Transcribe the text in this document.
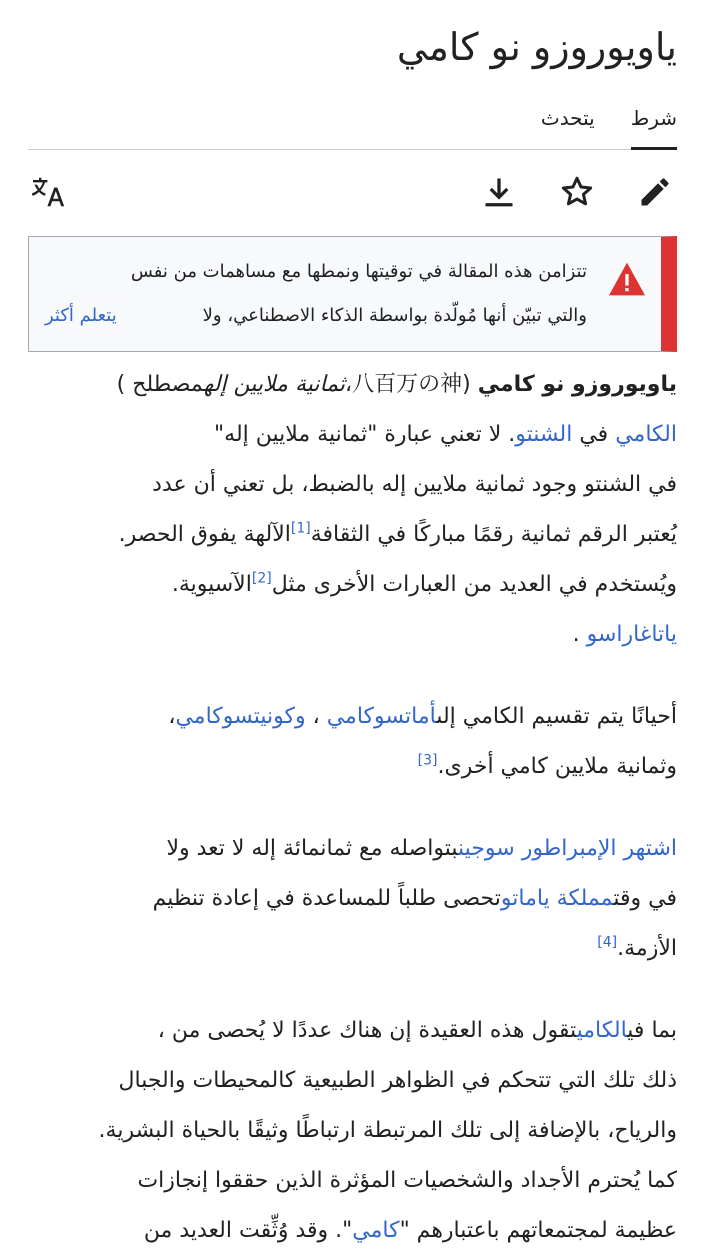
ياويوروزو نو كامي
شرط
يتحدث
تتزامن هذه المقالة في توقيتها ونمطها مع مساهمات من نفس
والتي تبيّن أنها مُولّدة بواسطة الذكاء الاصطناعي، ولا
يتعلم أكثر

ياويوروزو نو كامي (八百万の神،ثمانية ملايين إلهمصطلح )
الكامي في الشنتو. لا تعني عبارة "ثمانية ملايين إله"
في الشنتو وجود ثمانية ملايين إله بالضبط، بل تعني أن عدد
يُعتبر الرقم ثمانية رقمًا مباركًا في الثقافة[1]الآلهة يفوق الحصر.
ويُستخدم في العديد من العبارات الأخرى مثل[2]الآسيوية.
ياتاغاراسو .

أحيانًا يتم تقسيم الكامي إلىأماتسوكامي ، وكونيتسوكامي،
وثمانية ملايين كامي أخرى.[3]

اشتهر الإمبراطور سوجينبتواصله مع ثمانمائة إله لا تعد ولا
في وقتمملكة ياماتوتحصى طلباً للمساعدة في إعادة تنظيم
الأزمة.[4]

بما فيالكاميتقول هذه العقيدة إن هناك عددًا لا يُحصى من ،
ذلك تلك التي تتحكم في الظواهر الطبيعية كالمحيطات والجبال
والرياح، بالإضافة إلى تلك المرتبطة ارتباطًا وثيقًا بالحياة البشرية.
كما يُحترم الأجداد والشخصيات المؤثرة الذين حققوا إنجازات
عظيمة لمجتمعاتهم باعتبارهم "كامي". وقد وُثِّقت العديد من
